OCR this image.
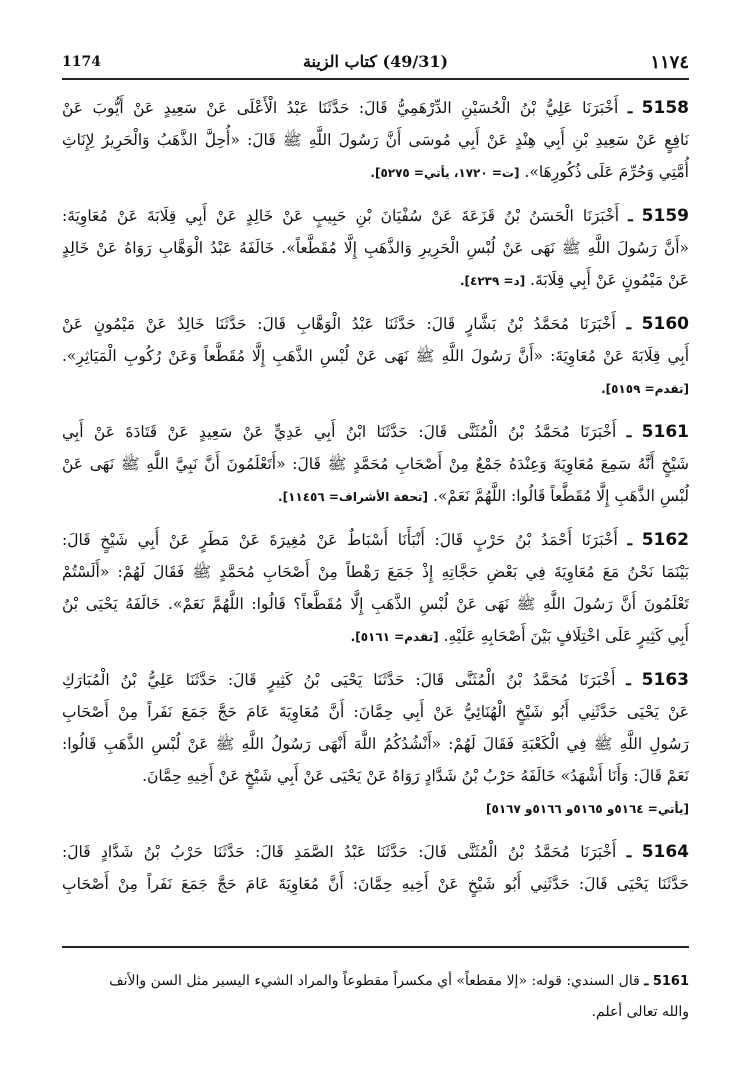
1174	(49/31) كتاب الزينة	١١٧٤
5158 ـ أَخْبَرَنَا عَلِيُّ بْنُ الْحُسَيْنِ الدِّرْهَمِيُّ قَالَ: حَدَّثَنَا عَبْدُ الْأَعْلَى عَنْ سَعِيدٍ عَنْ أَيُّوبَ عَنْ
نَافِعٍ عَنْ سَعِيدِ بْنِ أَبِي هِنْدٍ عَنْ أَبِي مُوسَى أَنَّ رَسُولَ اللَّهِ ﷺ قَالَ: «أُحِلَّ الذَّهَبُ وَالْحَرِيرُ لِإِنَاثِ
أُمَّتِي وَحُرِّمَ عَلَى ذُكُورِهَا». [ت= ١٧٢٠، يأتي= ٥٢٧٥].
5159 ـ أَخْبَرَنَا الْحَسَنُ بْنُ قَزَعَةَ عَنْ سُفْيَانَ بْنِ حَبِيبٍ عَنْ خَالِدٍ عَنْ أَبِي قِلَابَةَ عَنْ مُعَاوِيَةَ:
«أَنَّ رَسُولَ اللَّهِ ﷺ نَهَى عَنْ لُبْسِ الْحَرِيرِ وَالذَّهَبِ إِلَّا مُقَطَّعاً». خَالَفَهُ عَبْدُ الْوَهَّابِ رَوَاهُ عَنْ خَالِدٍ
عَنْ مَيْمُونٍ عَنْ أَبِي قِلَابَةَ. [د= ٤٢٣٩].
5160 ـ أَخْبَرَنَا مُحَمَّدُ بْنُ بَشَّارٍ قَالَ: حَدَّثَنَا عَبْدُ الْوَهَّابِ قَالَ: حَدَّثَنَا خَالِدٌ عَنْ مَيْمُونٍ عَنْ
أَبِي قِلَابَةَ عَنْ مُعَاوِيَةَ: «أَنَّ رَسُولَ اللَّهِ ﷺ نَهَى عَنْ لُبْسِ الذَّهَبِ إِلَّا مُقَطَّعاً وَعَنْ رُكُوبِ الْمَيَاثِرِ».
[تقدم= ٥١٥٩].
5161 ـ أَخْبَرَنَا مُحَمَّدُ بْنُ الْمُثَنَّى قَالَ: حَدَّثَنَا ابْنُ أَبِي عَدِيٍّ عَنْ سَعِيدٍ عَنْ قَتَادَةَ عَنْ أَبِي
شَيْخٍ أَنَّهُ سَمِعَ مُعَاوِيَةَ وَعِنْدَهُ جَمْعٌ مِنْ أَصْحَابِ مُحَمَّدٍ ﷺ قَالَ: «أَتَعْلَمُونَ أَنَّ نَبِيَّ اللَّهِ ﷺ نَهَى عَنْ
لُبْسِ الذَّهَبِ إِلَّا مُقَطَّعاً قَالُوا: اللَّهُمَّ نَعَمْ». [تحفة الأشراف= ١١٤٥٦].
5162 ـ أَخْبَرَنَا أَحْمَدُ بْنُ حَرْبٍ قَالَ: أَنْبَأَنَا أَسْبَاطٌ عَنْ مُغِيرَةَ عَنْ مَطَرٍ عَنْ أَبِي شَيْخٍ قَالَ:
بَيْنَمَا نَحْنُ مَعَ مُعَاوِيَةَ فِي بَعْضِ حَجَّاتِهِ إِذْ جَمَعَ رَهْطاً مِنْ أَصْحَابِ مُحَمَّدٍ ﷺ فَقَالَ لَهُمْ: «أَلَسْتُمْ
تَعْلَمُونَ أَنَّ رَسُولَ اللَّهِ ﷺ نَهَى عَنْ لُبْسِ الذَّهَبِ إِلَّا مُقَطَّعاً؟ قَالُوا: اللَّهُمَّ نَعَمْ». خَالَفَهُ يَحْيَى بْنُ
أَبِي كَثِيرٍ عَلَى اخْتِلَافٍ بَيْنَ أَصْحَابِهِ عَلَيْهِ. [تقدم= ٥١٦١].
5163 ـ أَخْبَرَنَا مُحَمَّدُ بْنُ الْمُثَنَّى قَالَ: حَدَّثَنَا يَحْيَى بْنُ كَثِيرٍ قَالَ: حَدَّثَنَا عَلِيُّ بْنُ الْمُبَارَكِ
عَنْ يَحْيَى حَدَّثَنِي أَبُو شَيْخٍ الْهُنَائِيُّ عَنْ أَبِي حِمَّانَ: أَنَّ مُعَاوِيَةَ عَامَ حَجَّ جَمَعَ نَفَراً مِنْ أَصْحَابِ
رَسُولِ اللَّهِ ﷺ فِي الْكَعْبَةِ فَقَالَ لَهُمْ: «أَنْشُدُكُمُ اللَّهَ أَنْهَى رَسُولُ اللَّهِ ﷺ عَنْ لُبْسِ الذَّهَبِ قَالُوا:
نَعَمْ قَالَ: وَأَنَا أَشْهَدُ» خَالَفَهُ حَرْبُ بْنُ شَدَّادٍ رَوَاهُ عَنْ يَحْيَى عَنْ أَبِي شَيْخٍ عَنْ أَخِيهِ حِمَّانَ.
[يأتي= ٥١٦٤و ٥١٦٥و ٥١٦٦و ٥١٦٧]
5164 ـ أَخْبَرَنَا مُحَمَّدُ بْنُ الْمُثَنَّى قَالَ: حَدَّثَنَا عَبْدُ الصَّمَدِ قَالَ: حَدَّثَنَا حَرْبُ بْنُ شَدَّادٍ قَالَ:
حَدَّثَنَا يَحْيَى قَالَ: حَدَّثَنِي أَبُو شَيْخٍ عَنْ أَخِيهِ حِمَّانَ: أَنَّ مُعَاوِيَةَ عَامَ حَجَّ جَمَعَ نَفَراً مِنْ أَصْحَابِ
5161 ـ قال السندي: قوله: «إلا مقطعاً» أي مكسراً مقطوعاً والمراد الشيء اليسير مثل السن والأنف
والله تعالى أعلم.
